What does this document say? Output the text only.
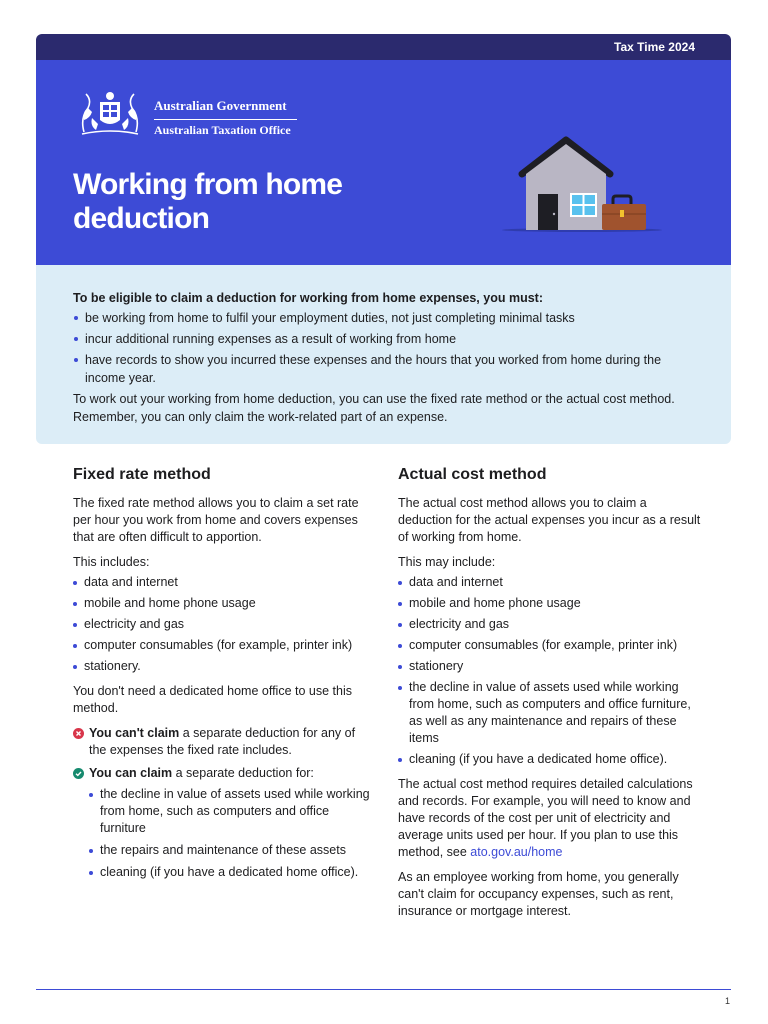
Tax Time 2024
Australian Government
Australian Taxation Office
Working from home deduction

To be eligible to claim a deduction for working from home expenses, you must:

be working from home to fulfil your employment duties, not just completing minimal tasks
incur additional running expenses as a result of working from home
have records to show you incurred these expenses and the hours that you worked from home during the income year.

To work out your working from home deduction, you can use the fixed rate method or the actual cost method. Remember, you can only claim the work-related part of an expense.

Fixed rate method

The fixed rate method allows you to claim a set rate per hour you work from home and covers expenses that are often difficult to apportion.

This includes:

data and internet
mobile and home phone usage
electricity and gas
computer consumables (for example, printer ink)
stationery.

You don't need a dedicated home office to use this method.

You can't claim a separate deduction for any of the expenses the fixed rate includes.
You can claim a separate deduction for:
the decline in value of assets used while working from home, such as computers and office furniture
the repairs and maintenance of these assets
cleaning (if you have a dedicated home office).
Actual cost method

The actual cost method allows you to claim a deduction for the actual expenses you incur as a result of working from home.

This may include:

data and internet
mobile and home phone usage
electricity and gas
computer consumables (for example, printer ink)
stationery
the decline in value of assets used while working from home, such as computers and office furniture, as well as any maintenance and repairs of these items
cleaning (if you have a dedicated home office).

The actual cost method requires detailed calculations and records. For example, you will need to know and have records of the cost per unit of electricity and average units used per hour. If you plan to use this method, see ato.gov.au/home

As an employee working from home, you generally can't claim for occupancy expenses, such as rent, insurance or mortgage interest.

1
